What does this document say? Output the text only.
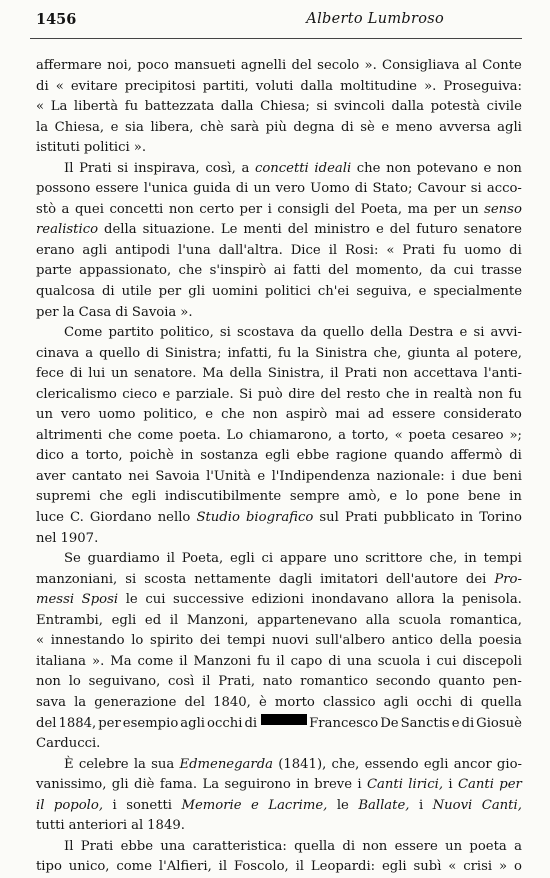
1456	Alberto Lumbroso
affermare noi, poco mansueti agnelli del secolo ». Consigliava al Conte
di « evitare precipitosi partiti, voluti dalla moltitudine ». Proseguiva:
« La libertà fu battezzata dalla Chiesa; si svincoli dalla potestà civile
la Chiesa, e sia libera, chè sarà più degna di sè e meno avversa agli
istituti politici ».
Il Prati si inspirava, così, a concetti ideali che non potevano e non
possono essere l'unica guida di un vero Uomo di Stato; Cavour si acco-
stò a quei concetti non certo per i consigli del Poeta, ma per un senso
realistico della situazione. Le menti del ministro e del futuro senatore
erano agli antipodi l'una dall'altra. Dice il Rosi: « Prati fu uomo di
parte appassionato, che s'inspirò ai fatti del momento, da cui trasse
qualcosa di utile per gli uomini politici ch'ei seguiva, e specialmente
per la Casa di Savoia ».
Come partito politico, si scostava da quello della Destra e si avvi-
cinava a quello di Sinistra; infatti, fu la Sinistra che, giunta al potere,
fece di lui un senatore. Ma della Sinistra, il Prati non accettava l'anti-
clericalismo cieco e parziale. Si può dire del resto che in realtà non fu
un vero uomo politico, e che non aspirò mai ad essere considerato
altrimenti che come poeta. Lo chiamarono, a torto, « poeta cesareo »;
dico a torto, poichè in sostanza egli ebbe ragione quando affermò di
aver cantato nei Savoia l'Unità e l'Indipendenza nazionale: i due beni
supremi che egli indiscutibilmente sempre amò, e lo pone bene in
luce C. Giordano nello Studio biografico sul Prati pubblicato in Torino
nel 1907.
Se guardiamo il Poeta, egli ci appare uno scrittore che, in tempi
manzoniani, si scosta nettamente dagli imitatori dell'autore dei Pro-
messi Sposi le cui successive edizioni inondavano allora la penisola.
Entrambi, egli ed il Manzoni, appartenevano alla scuola romantica,
« innestando lo spirito dei tempi nuovi sull'albero antico della poesia
italiana ». Ma come il Manzoni fu il capo di una scuola i cui discepoli
non lo seguivano, così il Prati, nato romantico secondo quanto pen-
sava la generazione del 1840, è morto classico agli occhi di quella
del 1884, per esempio agli occhi di	Francesco De Sanctis e di Giosuè
Carducci.
È celebre la sua Edmenegarda (1841), che, essendo egli ancor gio-
vanissimo, gli diè fama. La seguirono in breve i Canti lirici, i Canti per
il popolo, i sonetti Memorie e Lacrime, le Ballate, i Nuovi Canti,
tutti anteriori al 1849.
Il Prati ebbe una caratteristica: quella di non essere un poeta a
tipo unico, come l'Alfieri, il Foscolo, il Leopardi: egli subì « crisi » o
